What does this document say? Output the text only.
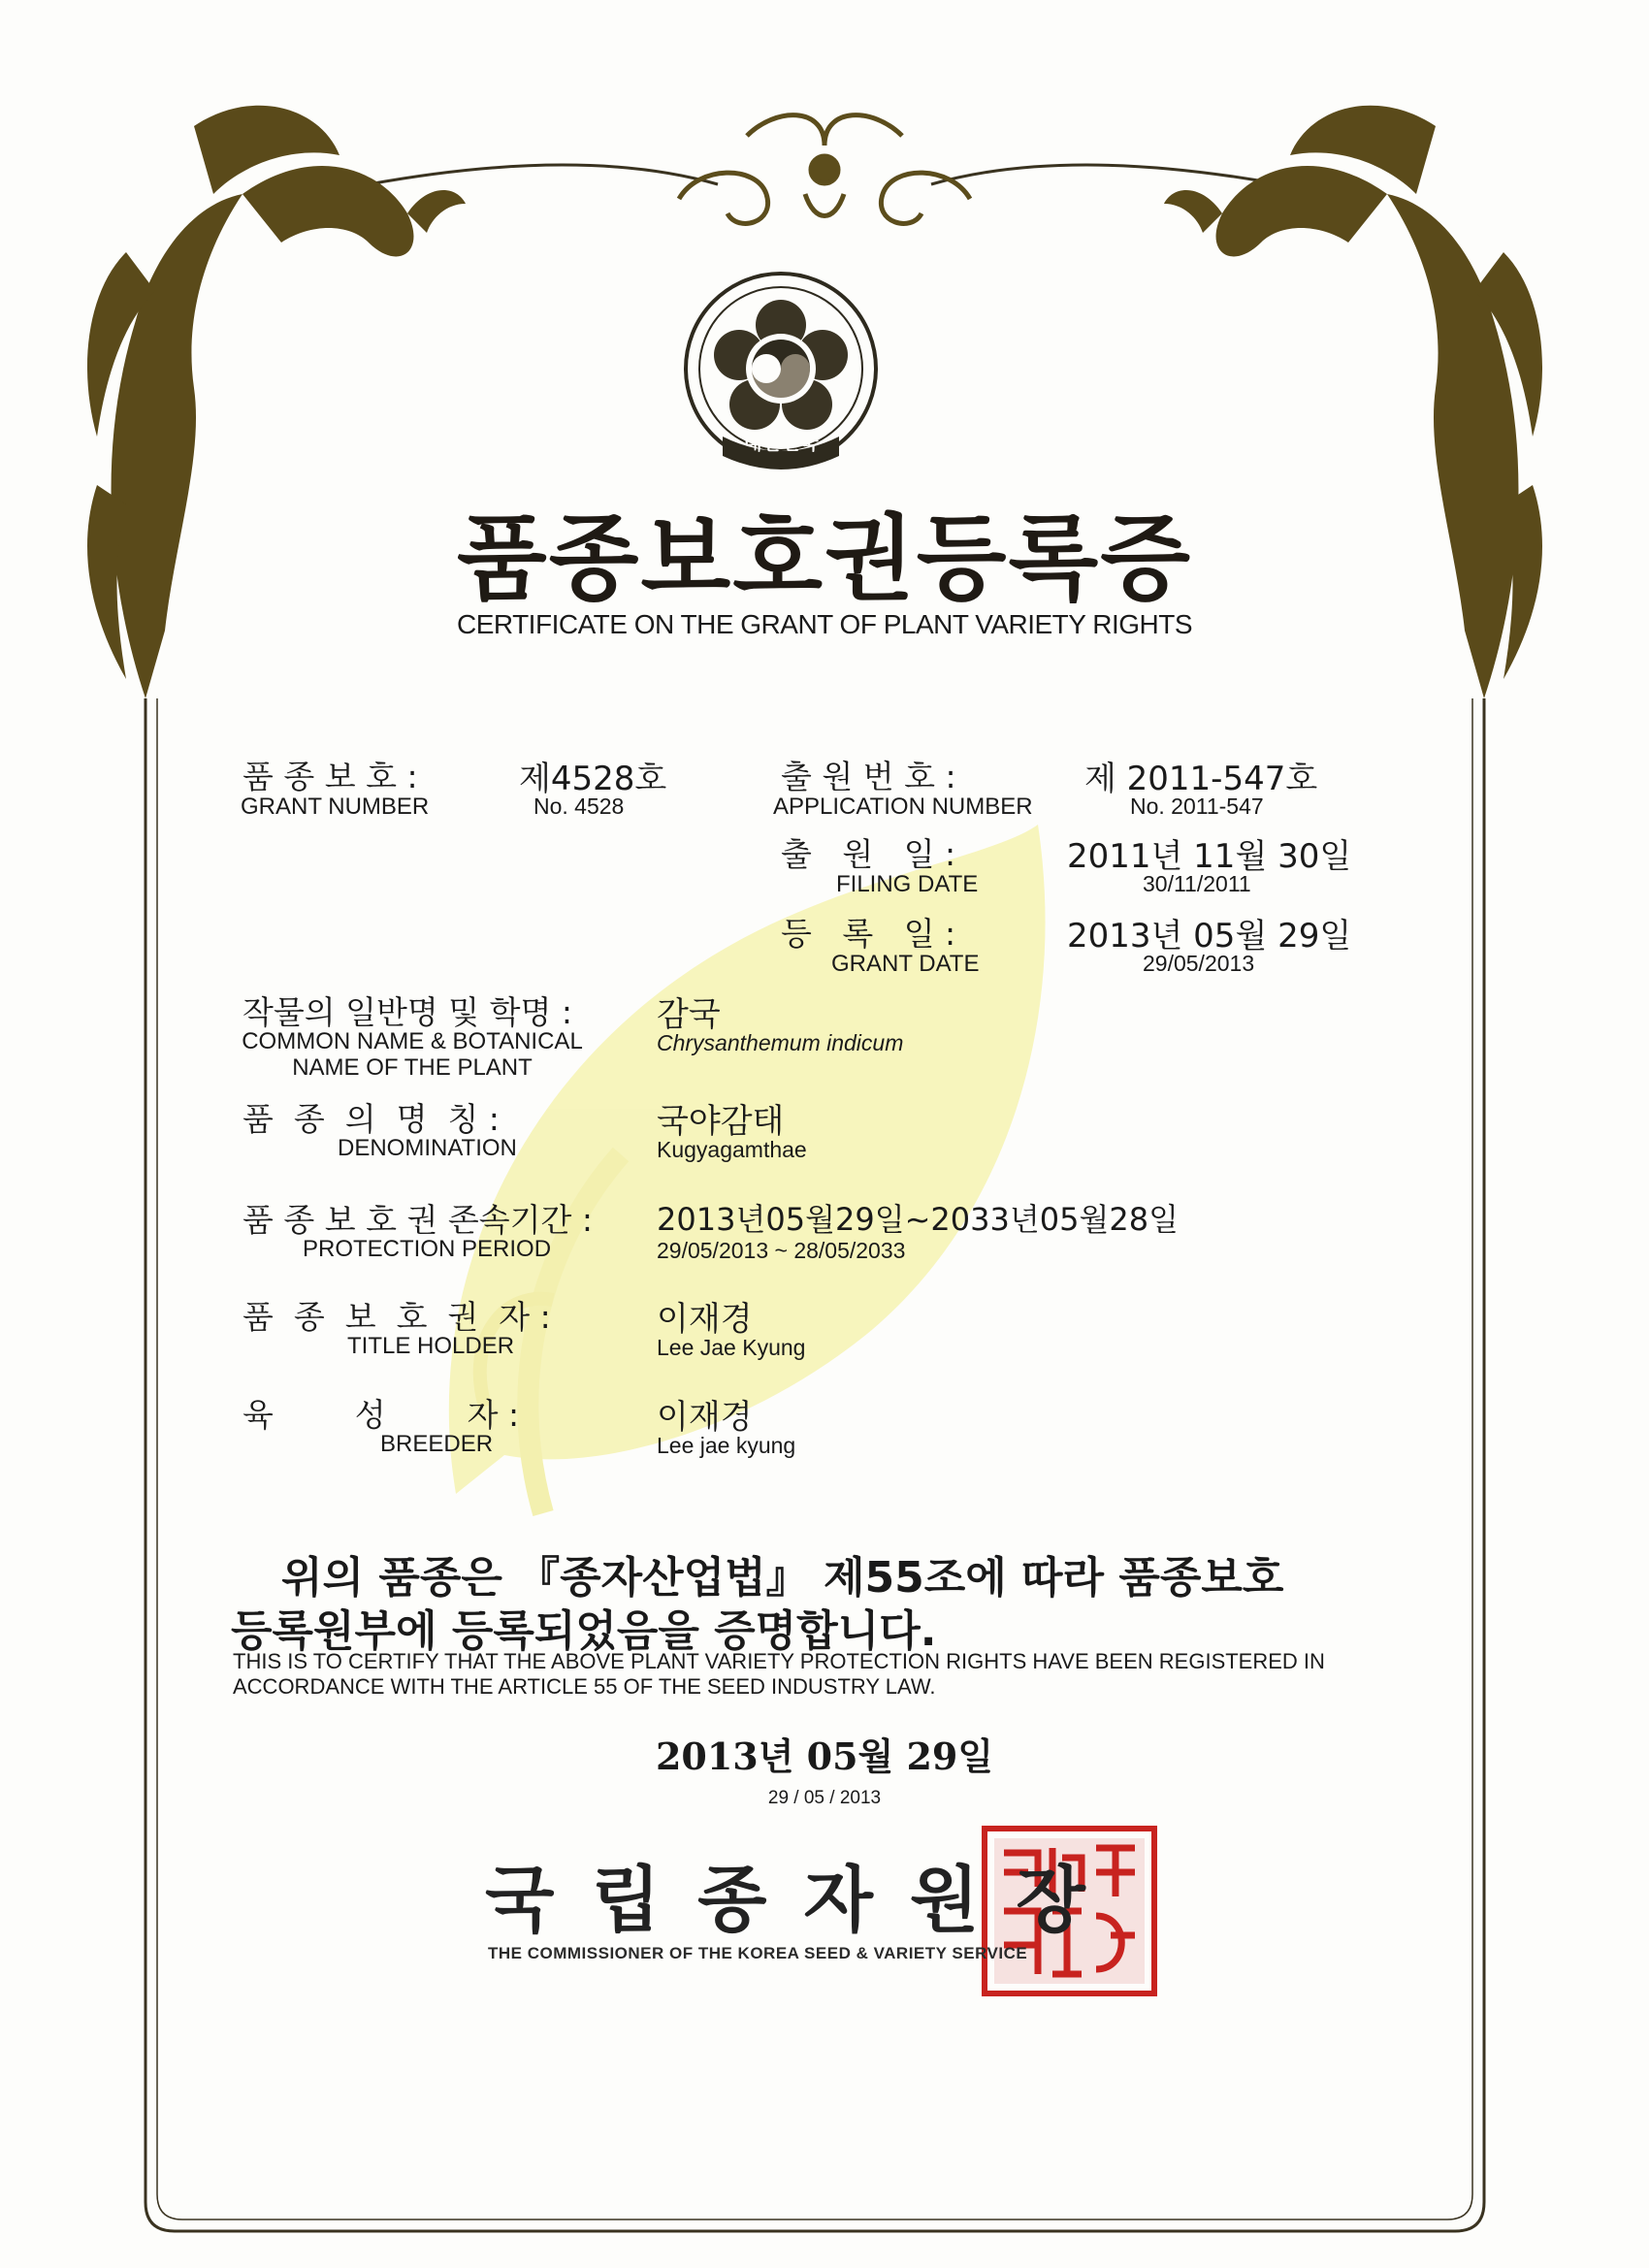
대한민국
품종보호권등록증
CERTIFICATE ON THE GRANT OF PLANT VARIETY RIGHTS
품 종 보 호 :
GRANT NUMBER
제4528호
No. 4528
출 원 번 호 :
APPLICATION NUMBER
제 2011-547호
No. 2011-547
출   원   일 :
FILING DATE
2011년 11월 30일
30/11/2011
등   록   일 :
GRANT DATE
2013년 05월 29일
29/05/2013
작물의 일반명 및 학명 :
COMMON NAME & BOTANICAL
NAME OF THE PLANT
감국
Chrysanthemum indicum
품  종  의  명  칭 :
DENOMINATION
국야감태
Kugyagamthae
품 종 보 호 권 존속기간 :
PROTECTION PERIOD
2013년05월29일~2033년05월28일
29/05/2013 ~ 28/05/2033
품  종  보  호  권  자 :
TITLE HOLDER
이재경
Lee Jae Kyung
육        성        자 :
BREEDER
이재경
Lee jae kyung
위의 품종은 『종자산업법』 제55조에 따라 품종보호
등록원부에 등록되었음을 증명합니다.
THIS IS TO CERTIFY THAT THE ABOVE PLANT VARIETY PROTECTION RIGHTS HAVE BEEN REGISTERED IN
ACCORDANCE WITH THE ARTICLE 55 OF THE SEED INDUSTRY LAW.
2013년 05월 29일
29 / 05 / 2013
국립종자원장
THE COMMISSIONER OF THE KOREA SEED & VARIETY SERVICE
